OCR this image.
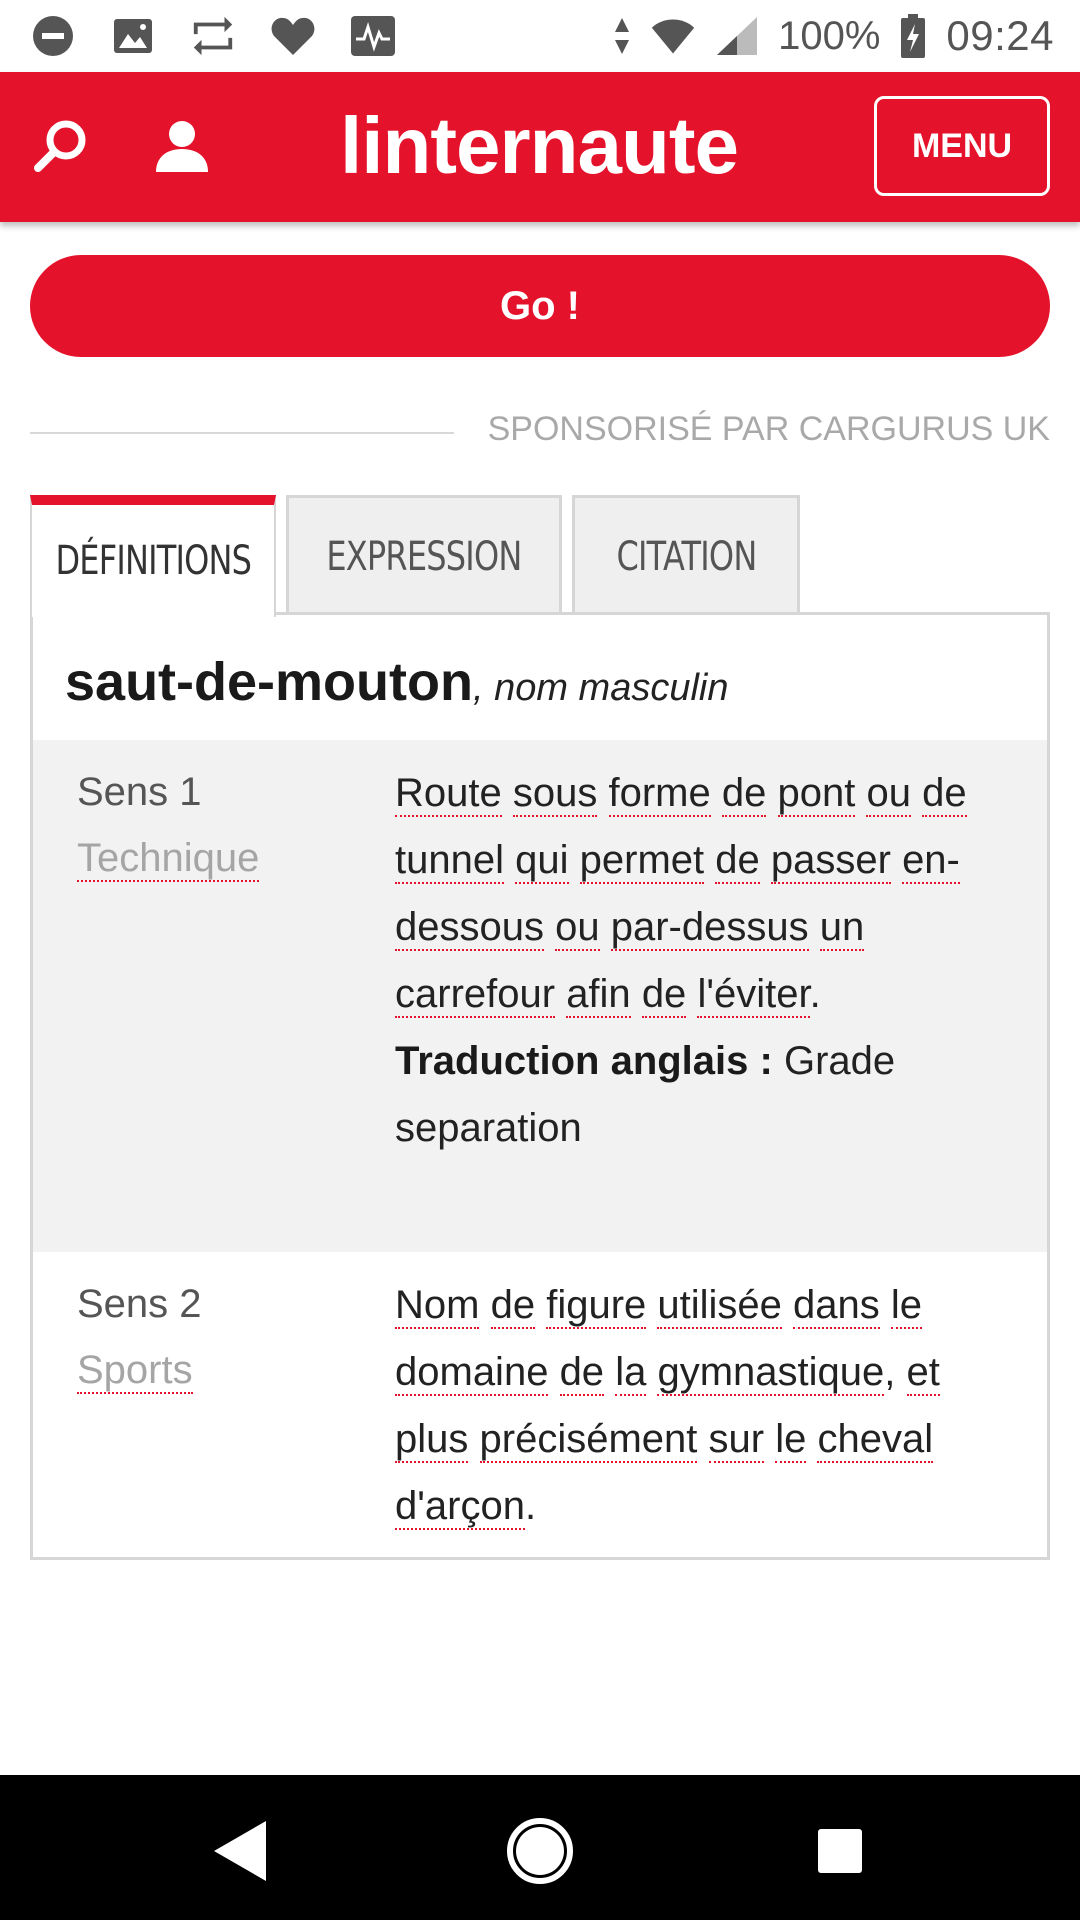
100% 09:24
linternaute	MENU
Go !
SPONSORISÉ PAR CARGURUS UK
DÉFINITIONS EXPRESSION CITATION
saut-de-mouton, nom masculin
Sens 1
Technique
Route sous forme de pont ou de tunnel qui permet de passer en-dessous ou par-dessus un carrefour afin de l'éviter.
Traduction anglais : Grade separation
Sens 2
Sports
Nom de figure utilisée dans le domaine de la gymnastique, et plus précisément sur le cheval d'arçon.
